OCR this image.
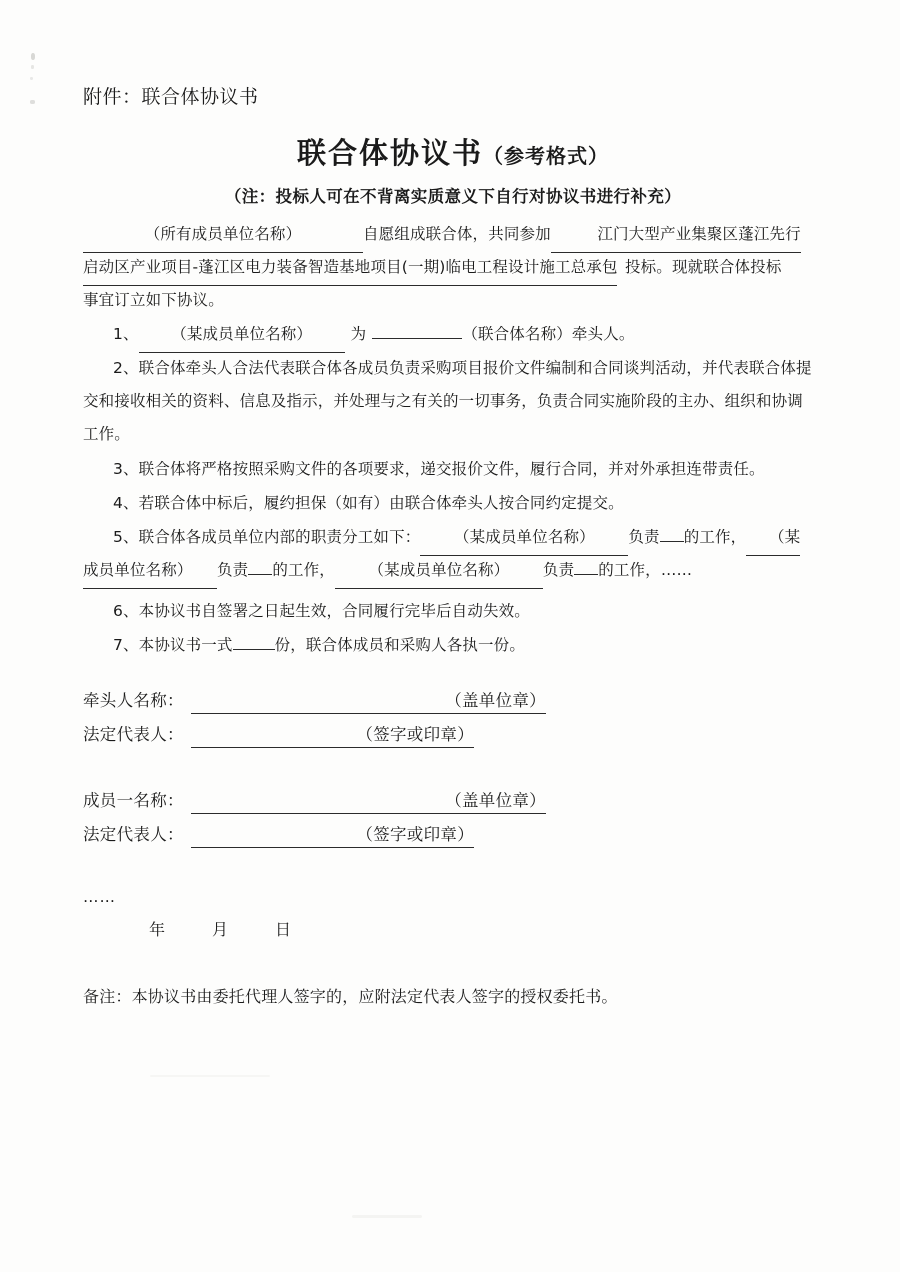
附件：联合体协议书
联合体协议书（参考格式）
（注：投标人可在不背离实质意义下自行对协议书进行补充）
（所有成员单位名称）	自愿组成联合体，共同参加	江门大型产业集聚区蓬江先行
启动区产业项目-蓬江区电力装备智造基地项目(一期)临电工程设计施工总承包 投标。现就联合体投标
事宜订立如下协议。
1、 （某成员单位名称） 为	（联合体名称）牵头人。
2、联合体牵头人合法代表联合体各成员负责采购项目报价文件编制和合同谈判活动，并代表联合体提
交和接收相关的资料、信息及指示，并处理与之有关的一切事务，负责合同实施阶段的主办、组织和协调
工作。
3、联合体将严格按照采购文件的各项要求，递交报价文件，履行合同，并对外承担连带责任。
4、若联合体中标后，履约担保（如有）由联合体牵头人按合同约定提交。
5、联合体各成员单位内部的职责分工如下： （某成员单位名称） 负责 的工作， （某
成员单位名称） 负责 的工作， （某成员单位名称） 负责 的工作，……
6、本协议书自签署之日起生效，合同履行完毕后自动失效。
7、本协议书一式	份，联合体成员和采购人各执一份。
牵头人名称：	（盖单位章）
法定代表人：	（签字或印章）
成员一名称：	（盖单位章）
法定代表人：	（签字或印章）
……
年	月	日
备注：本协议书由委托代理人签字的，应附法定代表人签字的授权委托书。
